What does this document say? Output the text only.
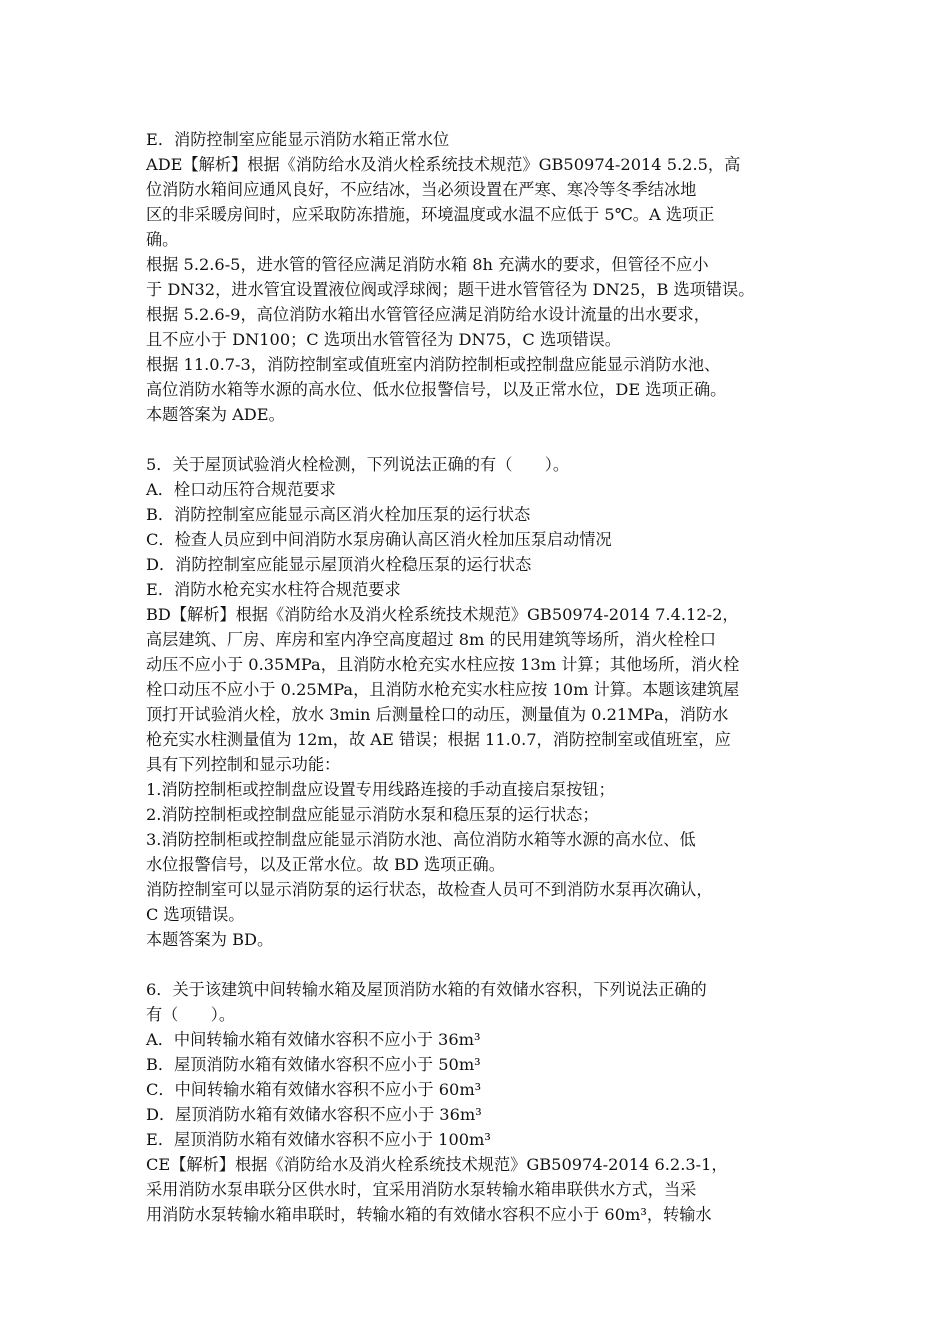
E．消防控制室应能显示消防水箱正常水位
ADE【解析】根据《消防给水及消火栓系统技术规范》GB50974-2014 5.2.5，高
位消防水箱间应通风良好，不应结冰，当必须设置在严寒、寒冷等冬季结冰地
区的非采暖房间时，应采取防冻措施，环境温度或水温不应低于 5℃。A 选项正
确。
根据 5.2.6-5，进水管的管径应满足消防水箱 8h 充满水的要求，但管径不应小
于 DN32，进水管宜设置液位阀或浮球阀；题干进水管管径为 DN25，B 选项错误。
根据 5.2.6-9，高位消防水箱出水管管径应满足消防给水设计流量的出水要求，
且不应小于 DN100；C 选项出水管管径为 DN75，C 选项错误。
根据 11.0.7-3，消防控制室或值班室内消防控制柜或控制盘应能显示消防水池、
高位消防水箱等水源的高水位、低水位报警信号，以及正常水位，DE 选项正确。
本题答案为 ADE。
5．关于屋顶试验消火栓检测，下列说法正确的有（　　）。
A．栓口动压符合规范要求
B．消防控制室应能显示高区消火栓加压泵的运行状态
C．检查人员应到中间消防水泵房确认高区消火栓加压泵启动情况
D．消防控制室应能显示屋顶消火栓稳压泵的运行状态
E．消防水枪充实水柱符合规范要求
BD【解析】根据《消防给水及消火栓系统技术规范》GB50974-2014 7.4.12-2，
高层建筑、厂房、库房和室内净空高度超过 8m 的民用建筑等场所，消火栓栓口
动压不应小于 0.35MPa，且消防水枪充实水柱应按 13m 计算；其他场所，消火栓
栓口动压不应小于 0.25MPa，且消防水枪充实水柱应按 10m 计算。本题该建筑屋
顶打开试验消火栓，放水 3min 后测量栓口的动压，测量值为 0.21MPa，消防水
枪充实水柱测量值为 12m，故 AE 错误；根据 11.0.7，消防控制室或值班室，应
具有下列控制和显示功能：
1.消防控制柜或控制盘应设置专用线路连接的手动直接启泵按钮；
2.消防控制柜或控制盘应能显示消防水泵和稳压泵的运行状态；
3.消防控制柜或控制盘应能显示消防水池、高位消防水箱等水源的高水位、低
水位报警信号，以及正常水位。故 BD 选项正确。
消防控制室可以显示消防泵的运行状态，故检查人员可不到消防水泵再次确认，
C 选项错误。
本题答案为 BD。
6．关于该建筑中间转输水箱及屋顶消防水箱的有效储水容积，下列说法正确的
有（　　）。
A．中间转输水箱有效储水容积不应小于 36m³
B．屋顶消防水箱有效储水容积不应小于 50m³
C．中间转输水箱有效储水容积不应小于 60m³
D．屋顶消防水箱有效储水容积不应小于 36m³
E．屋顶消防水箱有效储水容积不应小于 100m³
CE【解析】根据《消防给水及消火栓系统技术规范》GB50974-2014 6.2.3-1，
采用消防水泵串联分区供水时，宜采用消防水泵转输水箱串联供水方式，当采
用消防水泵转输水箱串联时，转输水箱的有效储水容积不应小于 60m³，转输水
